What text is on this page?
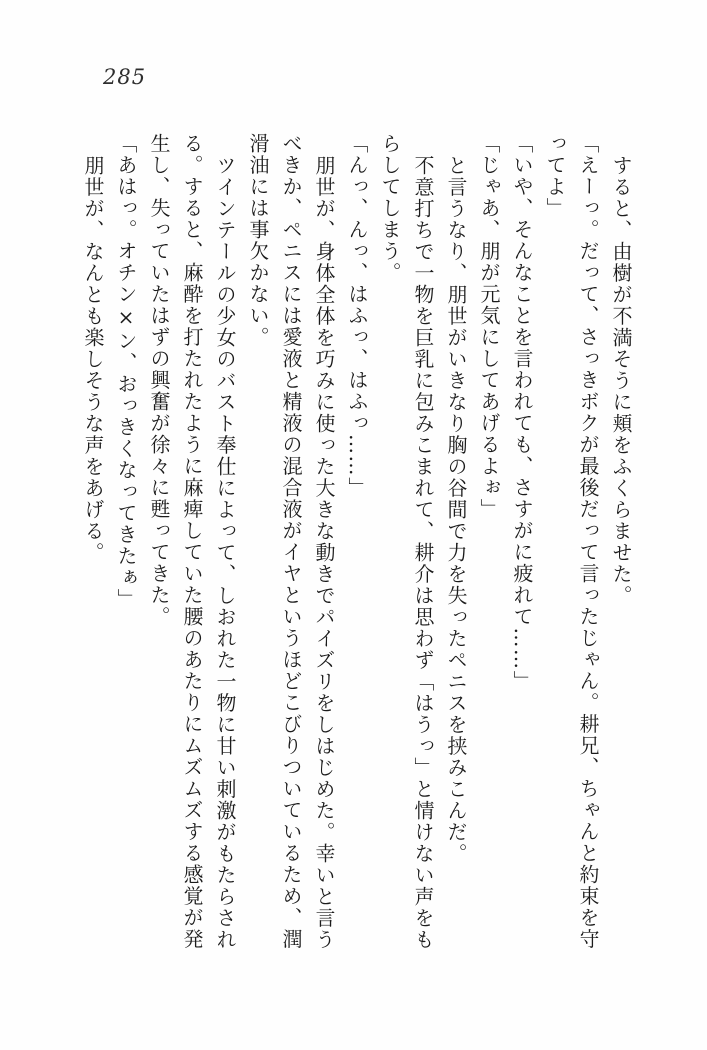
285

すると、由樹が不満そうに頬をふくらませた。

「えーっ。だって、さっきボクが最後だって言ったじゃん。耕兄、ちゃんと約束を守

ってよ」

「いや、そんなことを言われても、さすがに疲れて……」

「じゃあ、朋が元気にしてあげるよぉ」

と言うなり、朋世がいきなり胸の谷間で力を失ったペニスを挟みこんだ。

不意打ちで一物を巨乳に包みこまれて、耕介は思わず「はうっ」と情けない声をも

らしてしまう。

「んっ、んっ、はふっ、はふっ……」

朋世が、身体全体を巧みに使った大きな動きでパイズリをしはじめた。幸いと言う

べきか、ペニスには愛液と精液の混合液がイヤというほどこびりついているため、潤

滑油には事欠かない。

ツインテールの少女のバスト奉仕によって、しおれた一物に甘い刺激がもたらされ

る。すると、麻酔を打たれたように麻痺していた腰のあたりにムズムズする感覚が発

生し、失っていたはずの興奮が徐々に甦ってきた。

「あはっ。オチン×ン、おっきくなってきたぁ」

朋世が、なんとも楽しそうな声をあげる。
